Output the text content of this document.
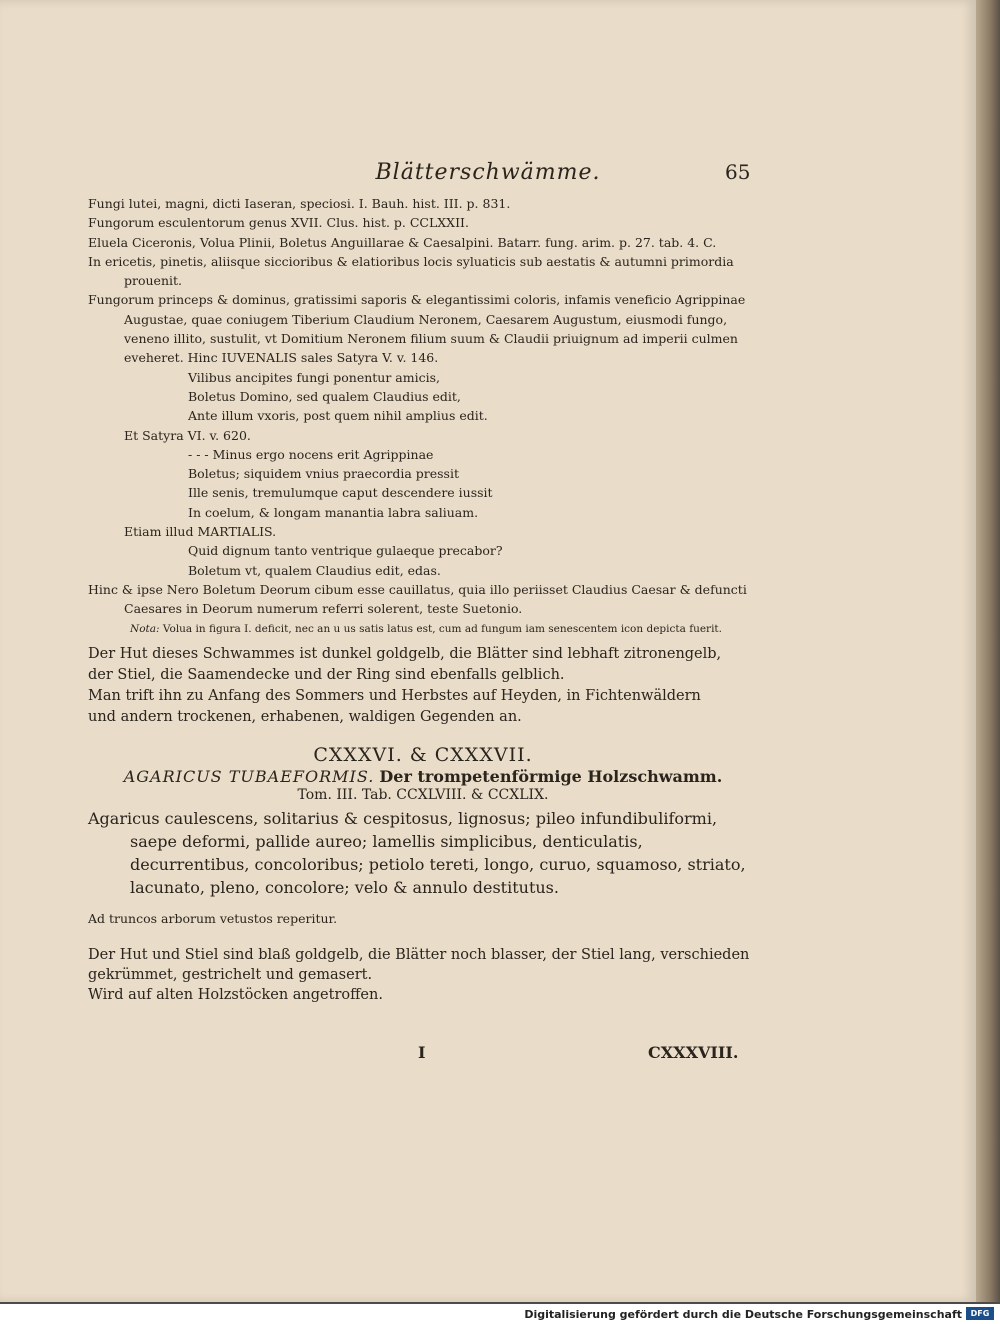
Blätterschwämme.	65

Fungi lutei, magni, dicti Iaseran, speciosi. I. Bauh. hist. III. p. 831.

Fungorum esculentorum genus XVII. Clus. hist. p. CCLXXII.

Eluela Ciceronis, Volua Plinii, Boletus Anguillarae & Caesalpini. Batarr. fung. arim. p. 27. tab. 4. C.

In ericetis, pinetis, aliisque siccioribus & elatioribus locis syluaticis sub aestatis & autumni primordia prouenit.

Fungorum princeps & dominus, gratissimi saporis & elegantissimi coloris, infamis veneficio Agrippinae Augustae, quae coniugem Tiberium Claudium Neronem, Caesarem Augustum, eiusmodi fungo, veneno illito, sustulit, vt Domitium Neronem filium suum & Claudii priuignum ad imperii culmen eveheret. Hinc IUVENALIS sales Satyra V. v. 146.

Vilibus ancipites fungi ponentur amicis,

Boletus Domino, sed qualem Claudius edit,

Ante illum vxoris, post quem nihil amplius edit.

Et Satyra VI. v. 620.

- - - Minus ergo nocens erit Agrippinae

Boletus; siquidem vnius praecordia pressit

Ille senis, tremulumque caput descendere iussit

In coelum, & longam manantia labra saliuam.

Etiam illud MARTIALIS.

Quid dignum tanto ventrique gulaeque precabor?

Boletum vt, qualem Claudius edit, edas.

Hinc & ipse Nero Boletum Deorum cibum esse cauillatus, quia illo periisset Claudius Caesar & defuncti Caesares in Deorum numerum referri solerent, teste Suetonio.

Nota: Volua in figura I. deficit, nec an u us satis latus est, cum ad fungum iam senescentem icon depicta fuerit.

Der Hut dieses Schwammes ist dunkel goldgelb, die Blätter sind lebhaft zitronengelb,

der Stiel, die Saamendecke und der Ring sind ebenfalls gelblich.

Man trift ihn zu Anfang des Sommers und Herbstes auf Heyden, in Fichtenwäldern

und andern trockenen, erhabenen, waldigen Gegenden an.

CXXXVI. & CXXXVII.

AGARICUS TUBAEFORMIS. Der trompetenförmige Holzschwamm.

Tom. III. Tab. CCXLVIII. & CCXLIX.

Agaricus caulescens, solitarius & cespitosus, lignosus; pileo infundibuliformi, saepe deformi, pallide aureo; lamellis simplicibus, denticulatis, decurrentibus, concoloribus; petiolo tereti, longo, curuo, squamoso, striato, lacunato, pleno, concolore; velo & annulo destitutus.

Ad truncos arborum vetustos reperitur.

Der Hut und Stiel sind blaß goldgelb, die Blätter noch blasser, der Stiel lang, verschieden gekrümmet, gestrichelt und gemasert.

Wird auf alten Holzstöcken angetroffen.

I	CXXXVIII.
Digitalisierung gefördert durch die Deutsche Forschungsgemeinschaft	DFG
